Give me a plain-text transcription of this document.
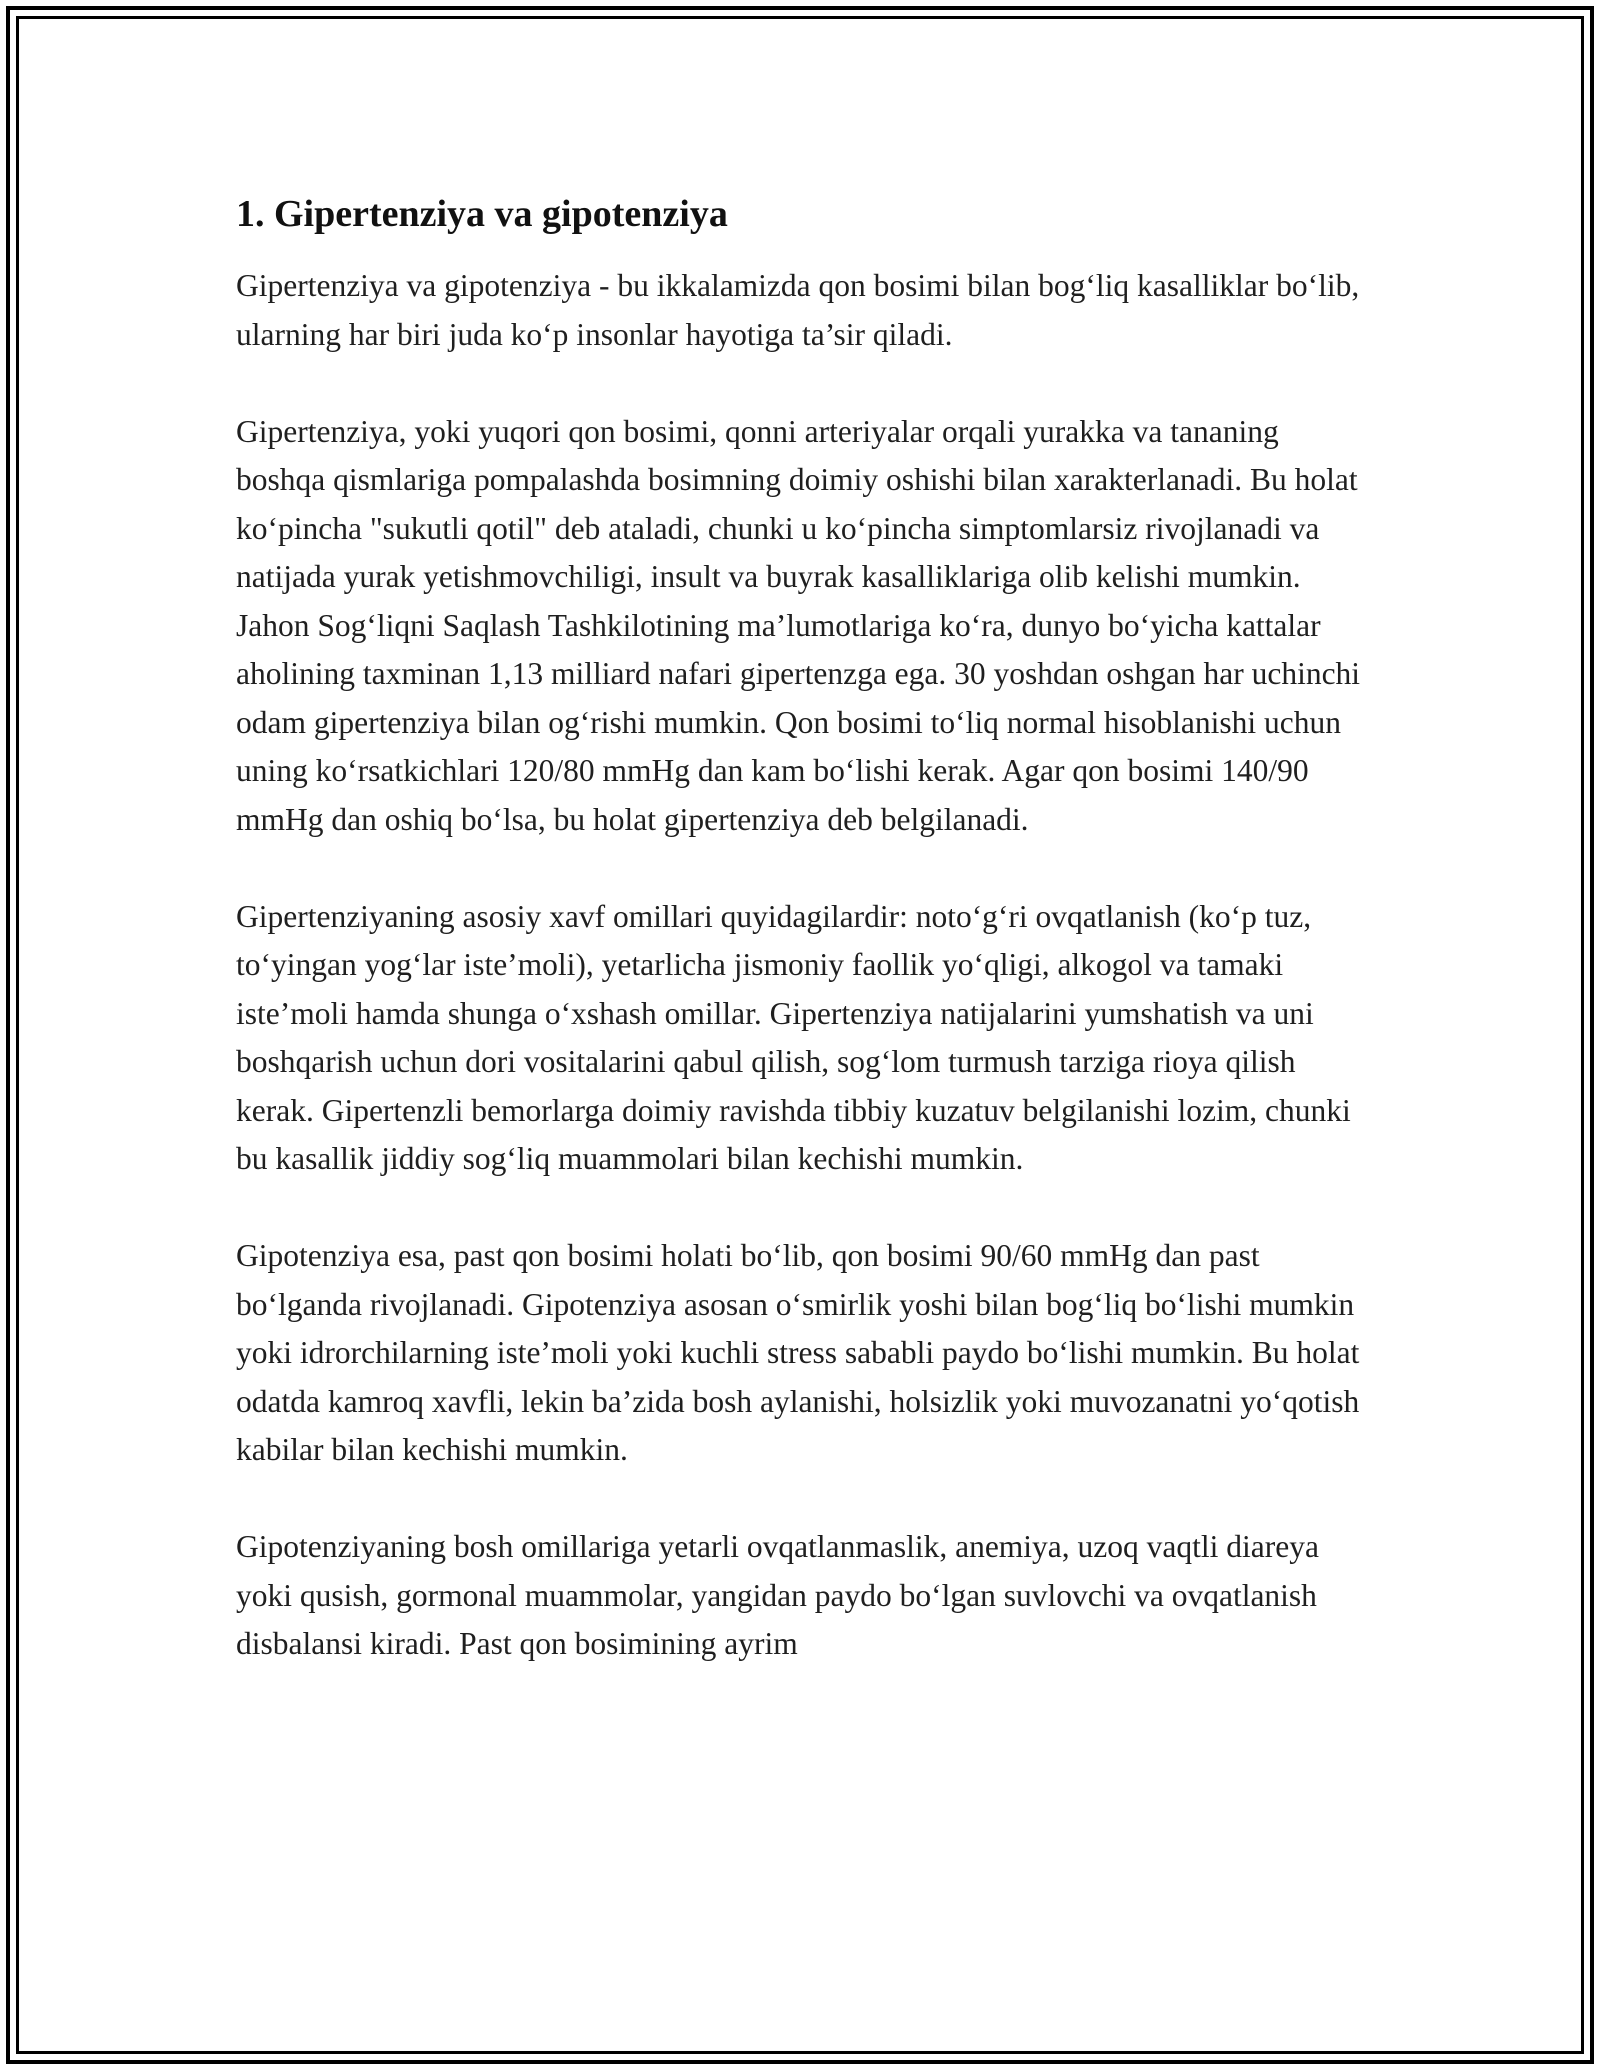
1. Gipertenziya va gipotenziya

Gipertenziya va gipotenziya - bu ikkalamizda qon bosimi bilan bog‘liq kasalliklar bo‘lib, ularning har biri juda ko‘p insonlar hayotiga ta’sir qiladi.

Gipertenziya, yoki yuqori qon bosimi, qonni arteriyalar orqali yurakka va tananing boshqa qismlariga pompalashda bosimning doimiy oshishi bilan xarakterlanadi. Bu holat ko‘pincha "sukutli qotil" deb ataladi, chunki u ko‘pincha simptomlarsiz rivojlanadi va natijada yurak yetishmovchiligi, insult va buyrak kasalliklariga olib kelishi mumkin. Jahon Sog‘liqni Saqlash Tashkilotining ma’lumotlariga ko‘ra, dunyo bo‘yicha kattalar aholining taxminan 1,13 milliard nafari gipertenzga ega. 30 yoshdan oshgan har uchinchi odam gipertenziya bilan og‘rishi mumkin. Qon bosimi to‘liq normal hisoblanishi uchun uning ko‘rsatkichlari 120/80 mmHg dan kam bo‘lishi kerak. Agar qon bosimi 140/90 mmHg dan oshiq bo‘lsa, bu holat gipertenziya deb belgilanadi.

Gipertenziyaning asosiy xavf omillari quyidagilardir: noto‘g‘ri ovqatlanish (ko‘p tuz, to‘yingan yog‘lar iste’moli), yetarlicha jismoniy faollik yo‘qligi, alkogol va tamaki iste’moli hamda shunga o‘xshash omillar. Gipertenziya natijalarini yumshatish va uni boshqarish uchun dori vositalarini qabul qilish, sog‘lom turmush tarziga rioya qilish kerak. Gipertenzli bemorlarga doimiy ravishda tibbiy kuzatuv belgilanishi lozim, chunki bu kasallik jiddiy sog‘liq muammolari bilan kechishi mumkin.

Gipotenziya esa, past qon bosimi holati bo‘lib, qon bosimi 90/60 mmHg dan past bo‘lganda rivojlanadi. Gipotenziya asosan o‘smirlik yoshi bilan bog‘liq bo‘lishi mumkin yoki idrorchilarning iste’moli yoki kuchli stress sababli paydo bo‘lishi mumkin. Bu holat odatda kamroq xavfli, lekin ba’zida bosh aylanishi, holsizlik yoki muvozanatni yo‘qotish kabilar bilan kechishi mumkin.

Gipotenziyaning bosh omillariga yetarli ovqatlanmaslik, anemiya, uzoq vaqtli diareya yoki qusish, gormonal muammolar, yangidan paydo bo‘lgan suvlovchi va ovqatlanish disbalansi kiradi. Past qon bosimining ayrim
